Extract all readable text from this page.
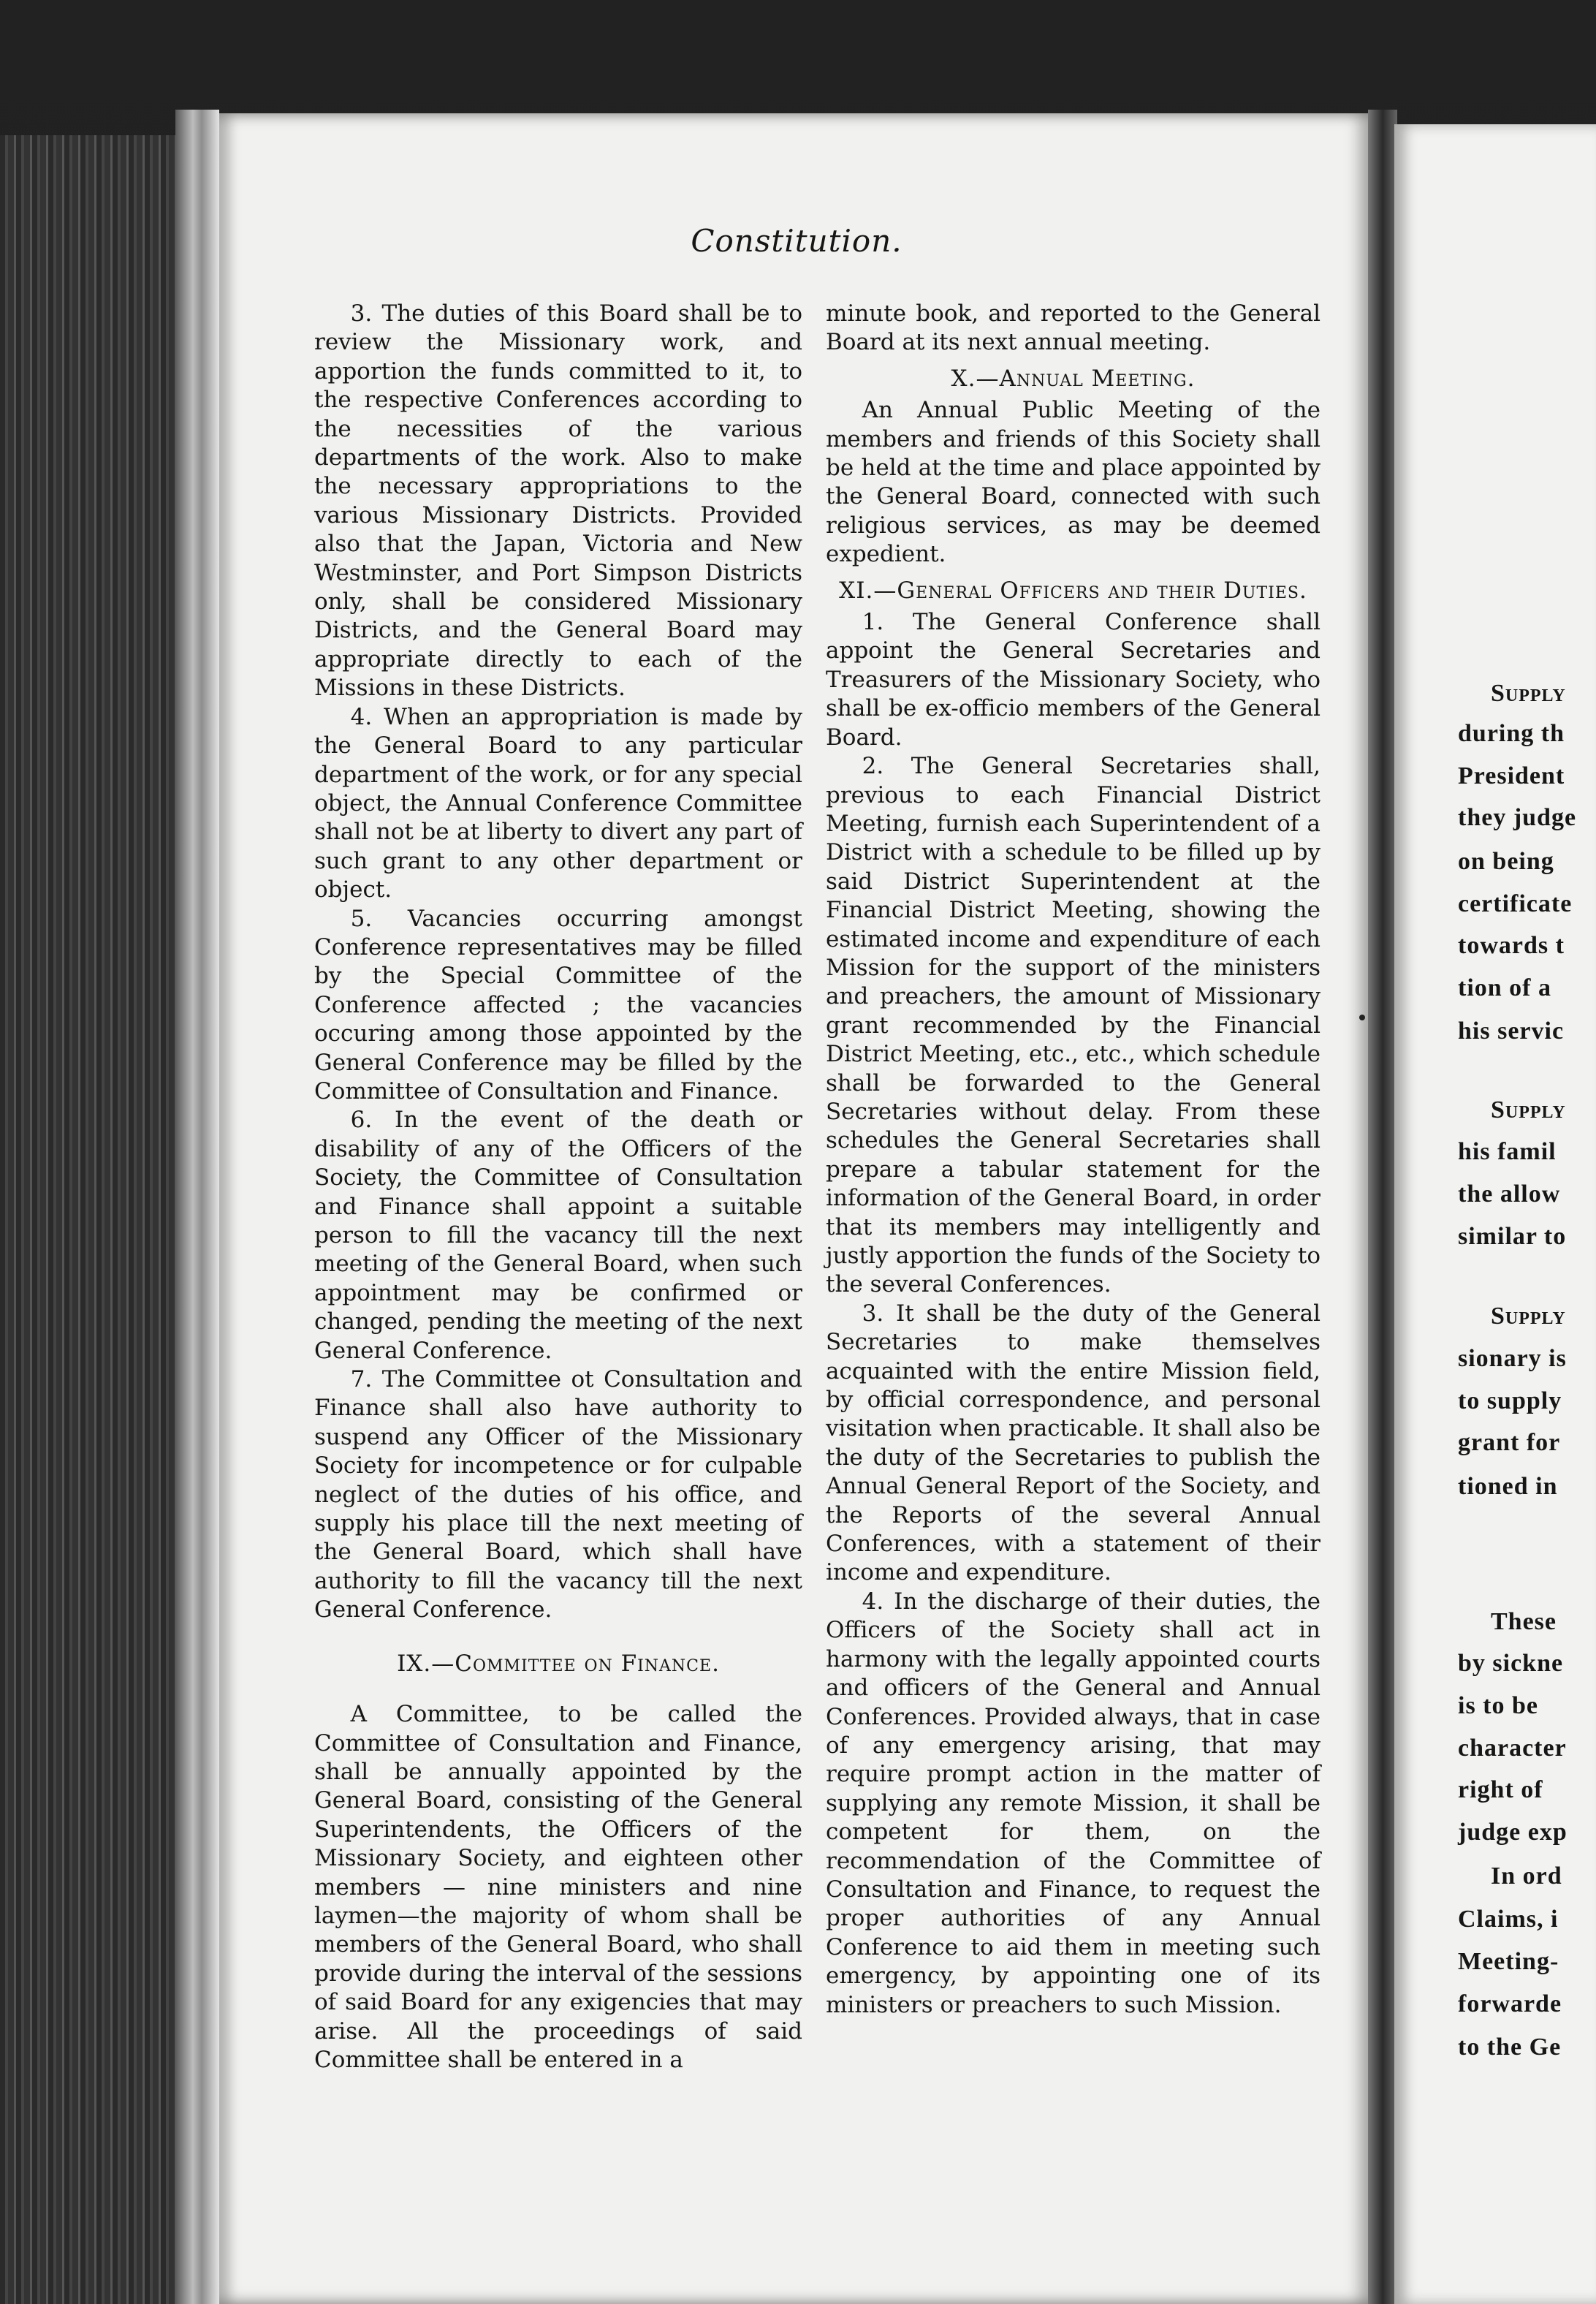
Constitution.

3. The duties of this Board shall be to review the Missionary work, and apportion the funds committed to it, to the respective Conferences according to the necessities of the various departments of the work. Also to make the necessary appropriations to the various Missionary Districts. Provided also that the Japan, Victoria and New Westminster, and Port Simpson Districts only, shall be considered Missionary Districts, and the General Board may appropriate directly to each of the Missions in these Districts.

4. When an appropriation is made by the General Board to any particular department of the work, or for any special object, the Annual Conference Committee shall not be at liberty to divert any part of such grant to any other department or object.

5. Vacancies occurring amongst Conference representatives may be filled by the Special Committee of the Conference affected ; the vacancies occuring among those appointed by the General Conference may be filled by the Committee of Consultation and Finance.

6. In the event of the death or disability of any of the Officers of the Society, the Committee of Consultation and Finance shall appoint a suitable person to fill the vacancy till the next meeting of the General Board, when such appointment may be confirmed or changed, pending the meeting of the next General Conference.

7. The Committee ot Consultation and Finance shall also have authority to suspend any Officer of the Missionary Society for incompetence or for culpable neglect of the duties of his office, and supply his place till the next meeting of the General Board, which shall have authority to fill the vacancy till the next General Conference.

IX.—Committee on Finance.

A Committee, to be called the Committee of Consultation and Finance, shall be annually appointed by the General Board, consisting of the General Superintendents, the Officers of the Missionary Society, and eighteen other members — nine ministers and nine laymen—the majority of whom shall be members of the General Board, who shall provide during the interval of the sessions of said Board for any exigencies that may arise. All the proceedings of said Committee shall be entered in a

minute book, and reported to the General Board at its next annual meeting.

X.—Annual Meeting.

An Annual Public Meeting of the members and friends of this Society shall be held at the time and place appointed by the General Board, connected with such religious services, as may be deemed expedient.

XI.—General Officers and their Duties.

1. The General Conference shall appoint the General Secretaries and Treasurers of the Missionary Society, who shall be ex-officio members of the General Board.

2. The General Secretaries shall, previous to each Financial District Meeting, furnish each Superintendent of a District with a schedule to be filled up by said District Superintendent at the Financial District Meeting, showing the estimated income and expenditure of each Mission for the support of the ministers and preachers, the amount of Missionary grant recommended by the Financial District Meeting, etc., etc., which schedule shall be forwarded to the General Secretaries without delay. From these schedules the General Secretaries shall prepare a tabular statement for the information of the General Board, in order that its members may intelligently and justly apportion the funds of the Society to the several Conferences.

3. It shall be the duty of the General Secretaries to make themselves acquainted with the entire Mission field, by official correspondence, and personal visitation when practicable. It shall also be the duty of the Secretaries to publish the Annual General Report of the Society, and the Reports of the several Annual Conferences, with a statement of their income and expenditure.

4. In the discharge of their duties, the Officers of the Society shall act in harmony with the legally appointed courts and officers of the General and Annual Conferences. Provided always, that in case of any emergency arising, that may require prompt action in the matter of supplying any remote Mission, it shall be competent for them, on the recommendation of the Committee of Consultation and Finance, to request the proper authorities of any Annual Conference to aid them in meeting such emergency, by appointing one of its ministers or preachers to such Mission.

Supply
during th
President
they judge
on being
certificate
towards t
tion of a
his servic
Supply
his famil
the allow
similar to
Supply
sionary is
to supply
grant for
tioned in
These
by sickne
is to be
character
right of
judge exp
In ord
Claims, i
Meeting-
forwarde
to the Ge
